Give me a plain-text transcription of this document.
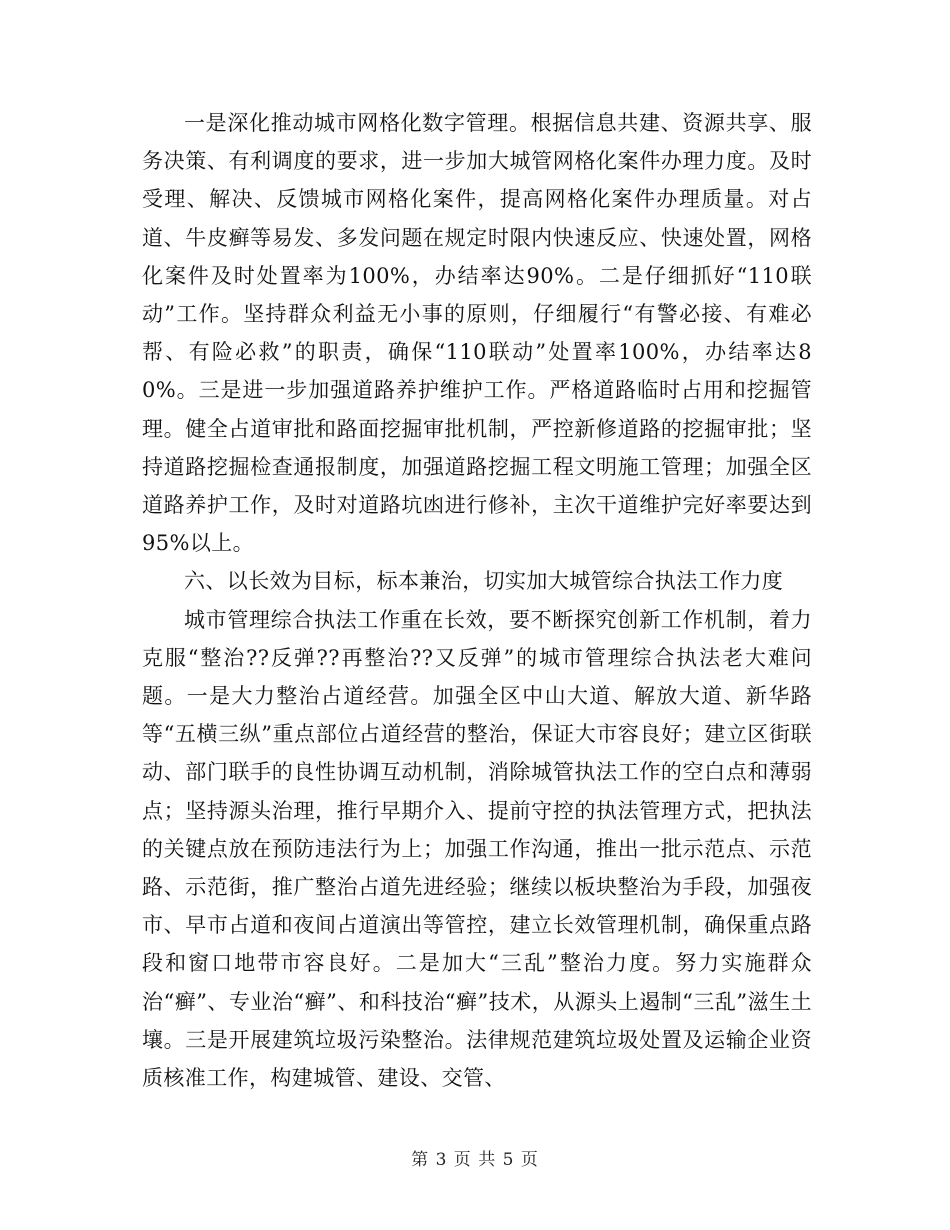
一是深化推动城市网格化数字管理。根据信息共建、资源共享、服务决策、有利调度的要求，进一步加大城管网格化案件办理力度。及时受理、解决、反馈城市网格化案件，提高网格化案件办理质量。对占道、牛皮癣等易发、多发问题在规定时限内快速反应、快速处置，网格化案件及时处置率为100%，办结率达90%。二是仔细抓好“110联动”工作。坚持群众利益无小事的原则，仔细履行“有警必接、有难必帮、有险必救”的职责，确保“110联动”处置率100%，办结率达80%。三是进一步加强道路养护维护工作。严格道路临时占用和挖掘管理。健全占道审批和路面挖掘审批机制，严控新修道路的挖掘审批；坚持道路挖掘检查通报制度，加强道路挖掘工程文明施工管理；加强全区道路养护工作，及时对道路坑凼进行修补，主次干道维护完好率要达到95%以上。

六、以长效为目标，标本兼治，切实加大城管综合执法工作力度

城市管理综合执法工作重在长效，要不断探究创新工作机制，着力克服“整治??反弹??再整治??又反弹”的城市管理综合执法老大难问题。一是大力整治占道经营。加强全区中山大道、解放大道、新华路等“五横三纵”重点部位占道经营的整治，保证大市容良好；建立区街联动、部门联手的良性协调互动机制，消除城管执法工作的空白点和薄弱点；坚持源头治理，推行早期介入、提前守控的执法管理方式，把执法的关键点放在预防违法行为上；加强工作沟通，推出一批示范点、示范路、示范街，推广整治占道先进经验；继续以板块整治为手段，加强夜市、早市占道和夜间占道演出等管控，建立长效管理机制，确保重点路段和窗口地带市容良好。二是加大“三乱”整治力度。努力实施群众治“癣”、专业治“癣”、和科技治“癣”技术，从源头上遏制“三乱”滋生土壤。三是开展建筑垃圾污染整治。法律规范建筑垃圾处置及运输企业资质核准工作，构建城管、建设、交管、

第 3 页 共 5 页
